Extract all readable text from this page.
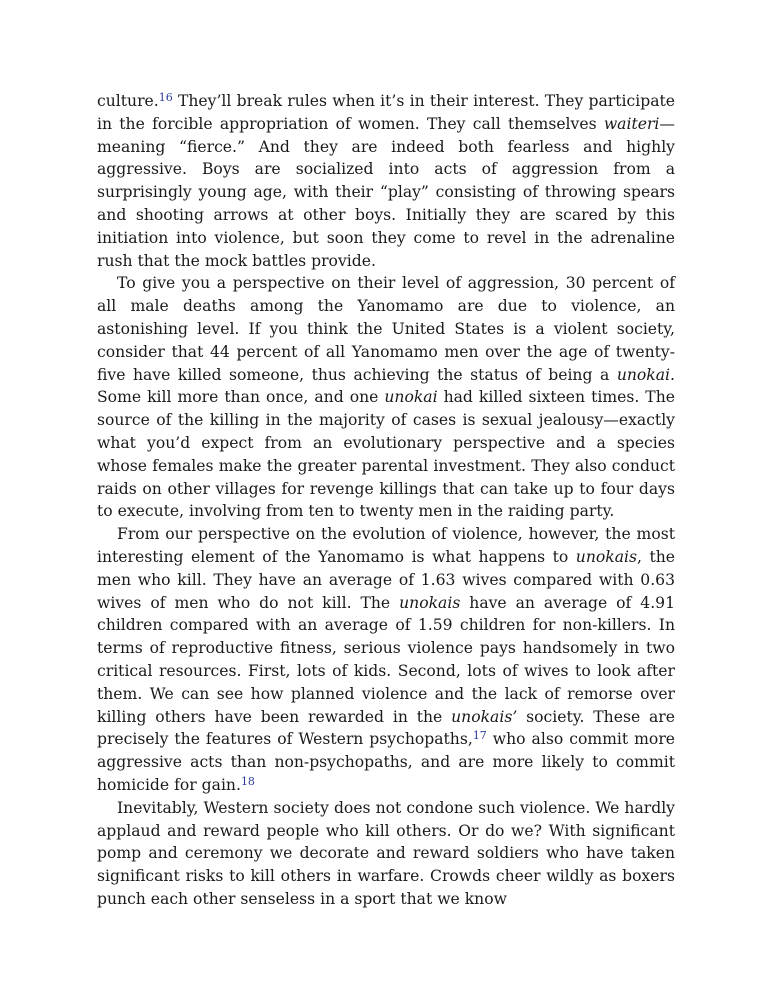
culture.$^{16}$ They’ll break rules when it’s in their interest. They participate in the forcible appropriation of women. They call themselves waiteri—meaning “fierce.” And they are indeed both fearless and highly aggressive. Boys are socialized into acts of aggression from a surprisingly young age, with their “play” consisting of throwing spears and shooting arrows at other boys. Initially they are scared by this initiation into violence, but soon they come to revel in the adrenaline rush that the mock battles provide.

To give you a perspective on their level of aggression, 30 percent of all male deaths among the Yanomamo are due to violence, an astonishing level. If you think the United States is a violent society, consider that 44 percent of all Yanomamo men over the age of twenty-five have killed someone, thus achieving the status of being a unokai. Some kill more than once, and one unokai had killed sixteen times. The source of the killing in the majority of cases is sexual jealousy—exactly what you’d expect from an evolutionary perspective and a species whose females make the greater parental investment. They also conduct raids on other villages for revenge killings that can take up to four days to execute, involving from ten to twenty men in the raiding party.

From our perspective on the evolution of violence, however, the most interesting element of the Yanomamo is what happens to unokais, the men who kill. They have an average of 1.63 wives compared with 0.63 wives of men who do not kill. The unokais have an average of 4.91 children compared with an average of 1.59 children for non-killers. In terms of reproductive fitness, serious violence pays handsomely in two critical resources. First, lots of kids. Second, lots of wives to look after them. We can see how planned violence and the lack of remorse over killing others have been rewarded in the unokais’ society. These are precisely the features of Western psychopaths,$^{17}$ who also commit more aggressive acts than non-psychopaths, and are more likely to commit homicide for gain.$^{18}$

Inevitably, Western society does not condone such violence. We hardly applaud and reward people who kill others. Or do we? With significant pomp and ceremony we decorate and reward soldiers who have taken significant risks to kill others in warfare. Crowds cheer wildly as boxers punch each other senseless in a sport that we know
